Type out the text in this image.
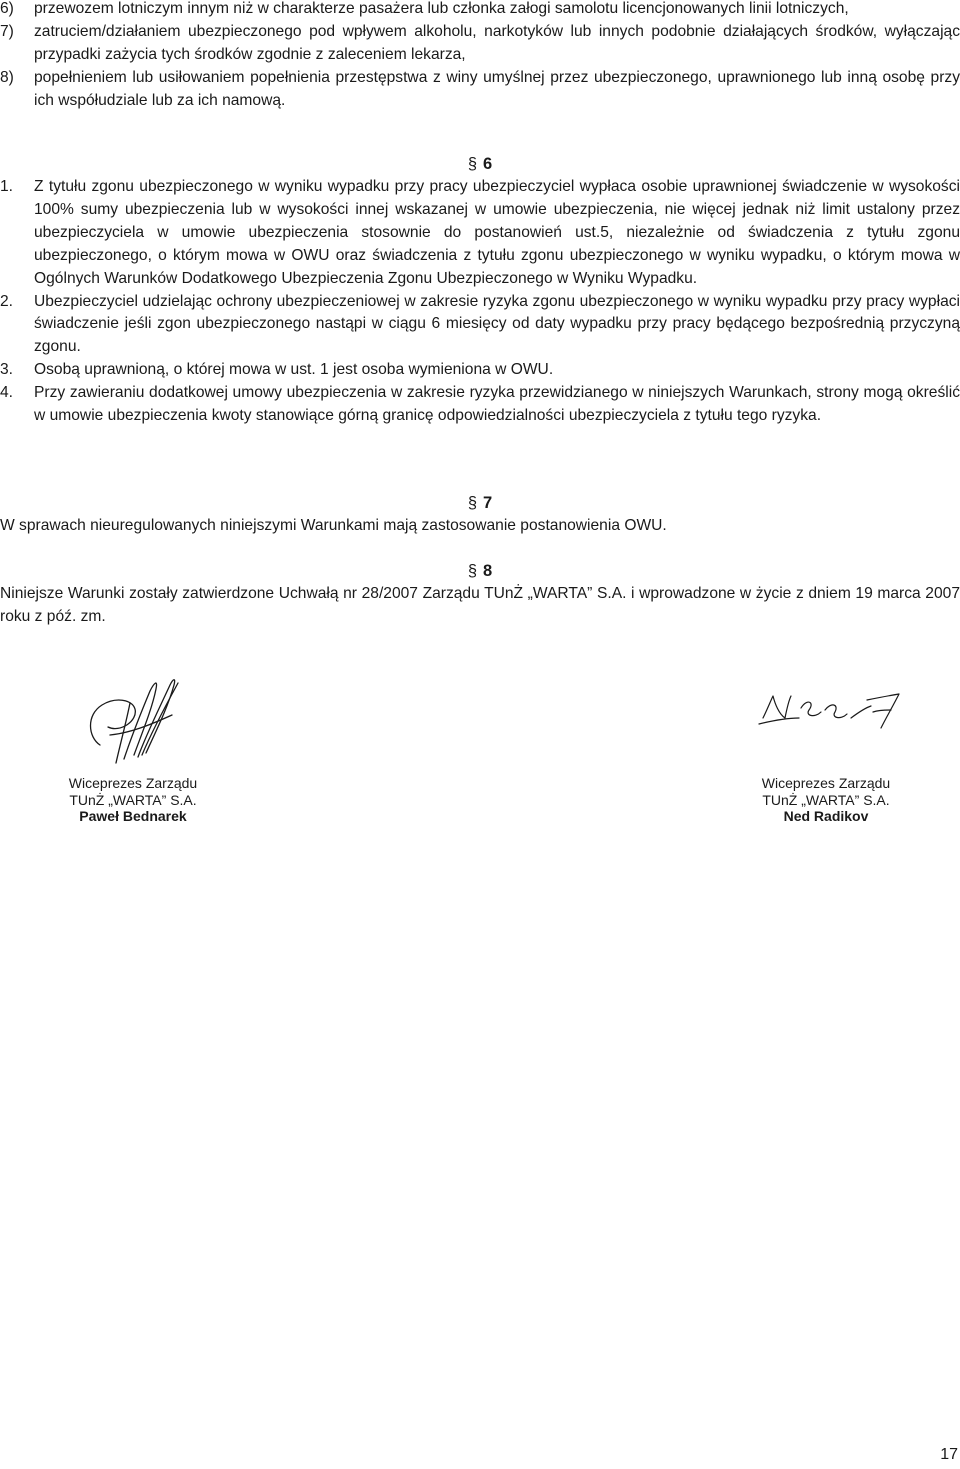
6) przewozem lotniczym innym niż w charakterze pasażera lub członka załogi samolotu licencjonowanych linii lotniczych,

7) zatruciem/działaniem ubezpieczonego pod wpływem alkoholu, narkotyków lub innych podobnie działających środków, wyłączając przypadki zażycia tych środków zgodnie z zaleceniem lekarza,

8) popełnieniem lub usiłowaniem popełnienia przestępstwa z winy umyślnej przez ubezpieczonego, uprawnionego lub inną osobę przy ich współudziale lub za ich namową.

§ 6
1. Z tytułu zgonu ubezpieczonego w wyniku wypadku przy pracy ubezpieczyciel wypłaca osobie uprawnionej świadczenie w wysokości 100% sumy ubezpieczenia lub w wysokości innej wskazanej w umowie ubezpieczenia, nie więcej jednak niż limit ustalony przez ubezpieczyciela w umowie ubezpieczenia stosownie do postanowień ust.5, niezależnie od świadczenia z tytułu zgonu ubezpieczonego, o którym mowa w OWU oraz świadczenia z tytułu zgonu ubezpieczonego w wyniku wypadku, o którym mowa w Ogólnych Warunków Dodatkowego Ubezpieczenia Zgonu Ubezpieczonego w Wyniku Wypadku.

2. Ubezpieczyciel udzielając ochrony ubezpieczeniowej w zakresie ryzyka zgonu ubezpieczonego w wyniku wypadku przy pracy wypłaci świadczenie jeśli zgon ubezpieczonego nastąpi w ciągu 6 miesięcy od daty wypadku przy pracy będącego bezpośrednią przyczyną zgonu.

3. Osobą uprawnioną, o której mowa w ust. 1 jest osoba wymieniona w OWU.

4. Przy zawieraniu dodatkowej umowy ubezpieczenia w zakresie ryzyka przewidzianego w niniejszych Warunkach, strony mogą określić w umowie ubezpieczenia kwoty stanowiące górną granicę odpowiedzialności ubezpieczyciela z tytułu tego ryzyka.

§ 7

W sprawach nieuregulowanych niniejszymi Warunkami mają zastosowanie postanowienia OWU.

§ 8

Niniejsze Warunki zostały zatwierdzone Uchwałą nr 28/2007 Zarządu TUnŻ „WARTA” S.A. i wprowadzone w życie z dniem 19 marca 2007 roku z póź. zm.

Wiceprezes Zarządu
TUnŻ „WARTA” S.A.
Paweł Bednarek
Wiceprezes Zarządu
TUnŻ „WARTA” S.A.
Ned Radikov
17
